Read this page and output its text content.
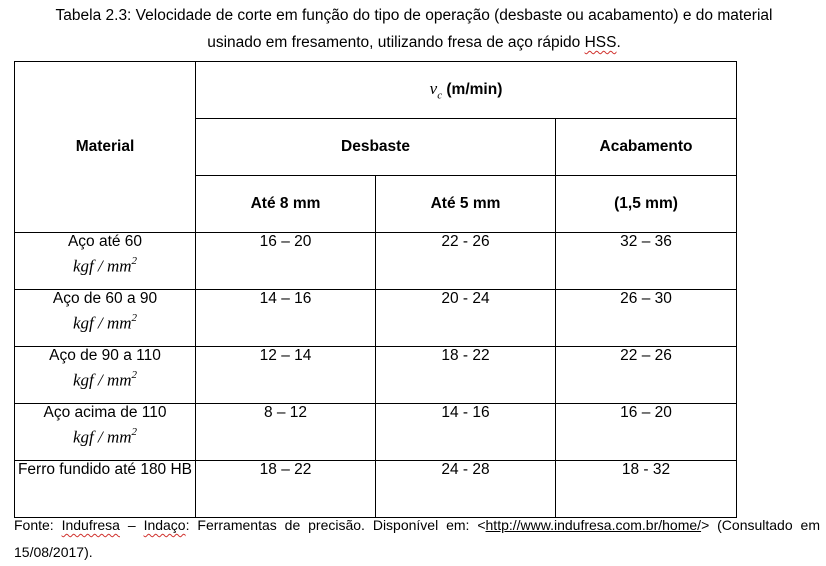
Tabela 2.3: Velocidade de corte em função do tipo de operação (desbaste ou acabamento) e do material
usinado em fresamento, utilizando fresa de aço rápido HSS.
Material	$v_c$ (m/min)		
	Desbaste		Acabamento
	Até 8 mm	Até 5 mm	(1,5 mm)

Aço até 60
kgf / $mm^2$	16 – 20	22 - 26	32 – 36

Aço de 60 a 90
kgf / $mm^2$	14 – 16	20 - 24	26 – 30

Aço de 90 a 110
kgf / $mm^2$	12 – 14	18 - 22	22 – 26

Aço acima de 110
kgf / $mm^2$	8 – 12	14 - 16	16 – 20

Ferro fundido até 180 HB	18 – 22	24 - 28	18 - 32
Fonte: Indufresa – Indaço: Ferramentas de precisão. Disponível em: <http://www.indufresa.com.br/home/> (Consultado em 15/08/2017).
